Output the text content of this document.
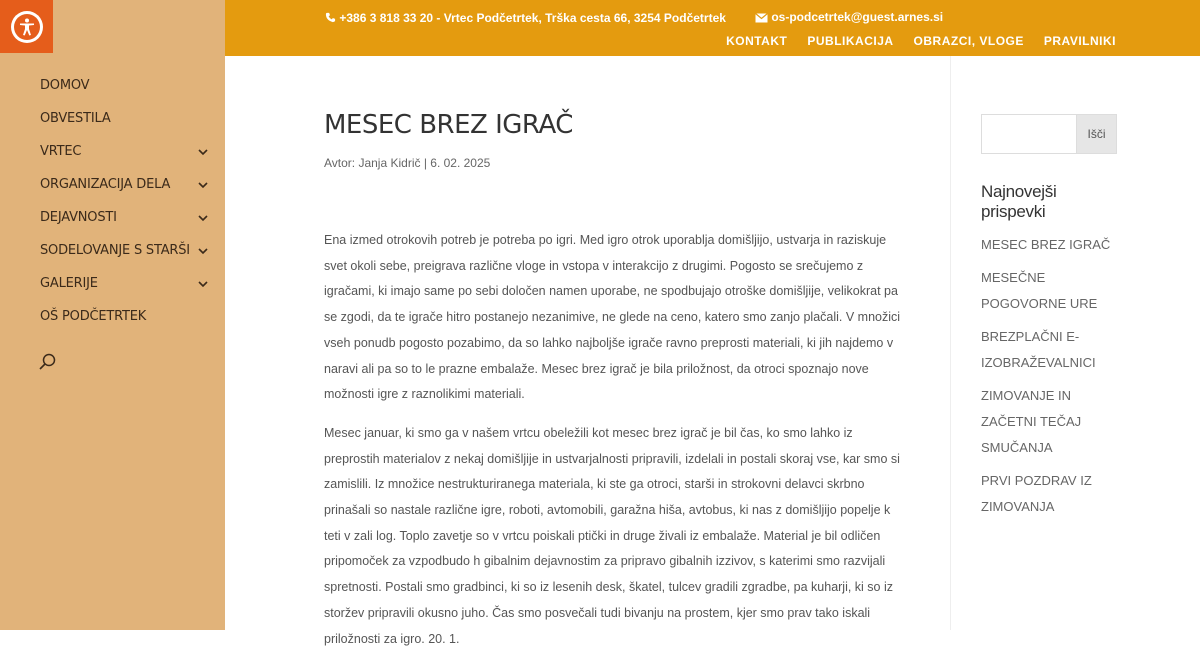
DOMOV
OBVESTILA
VRTEC
ORGANIZACIJA DELA
DEJAVNOSTI
SODELOVANJE S STARŠI
GALERIJE
OŠ PODČETRTEK
+386 3 818 33 20 - Vrtec Podčetrtek, Trška cesta 66, 3254 Podčetrtek	os-podcetrtek@guest.arnes.si
KONTAKT PUBLIKACIJA OBRAZCI, VLOGE PRAVILNIKI
MESEC BREZ IGRAČ
Avtor: Janja Kidrič | 6. 02. 2025

Ena izmed otrokovih potreb je potreba po igri. Med igro otrok uporablja domišljijo, ustvarja in raziskuje svet okoli sebe, preigrava različne vloge in vstopa v interakcijo z drugimi. Pogosto se srečujemo z igračami, ki imajo same po sebi določen namen uporabe, ne spodbujajo otroške domišljije, velikokrat pa se zgodi, da te igrače hitro postanejo nezanimive, ne glede na ceno, katero smo zanjo plačali. V množici vseh ponudb pogosto pozabimo, da so lahko najboljše igrače ravno preprosti materiali, ki jih najdemo v naravi ali pa so to le prazne embalaže. Mesec brez igrač je bila priložnost, da otroci spoznajo nove možnosti igre z raznolikimi materiali.

Mesec januar, ki smo ga v našem vrtcu obeležili kot mesec brez igrač je bil čas, ko smo lahko iz preprostih materialov z nekaj domišljije in ustvarjalnosti pripravili, izdelali in postali skoraj vse, kar smo si zamislili. Iz množice nestrukturiranega materiala, ki ste ga otroci, starši in strokovni delavci skrbno prinašali so nastale različne igre, roboti, avtomobili, garažna hiša, avtobus, ki nas z domišljijo popelje k teti v zali log. Toplo zavetje so v vrtcu poiskali ptički in druge živali iz embalaže. Material je bil odličen pripomoček za vzpodbudo h gibalnim dejavnostim za pripravo gibalnih izzivov, s katerimi smo razvijali spretnosti. Postali smo gradbinci, ki so iz lesenih desk, škatel, tulcev gradili zgradbe, pa kuharji, ki so iz storžev pripravili okusno juho. Čas smo posvečali tudi bivanju na prostem, kjer smo prav tako iskali priložnosti za igro. 20. 1.

Išči
Najnovejši prispevki
MESEC BREZ IGRAČ
MESEČNE POGOVORNE URE
BREZPLAČNI E-IZOBRAŽEVALNICI
ZIMOVANJE IN ZAČETNI TEČAJ SMUČANJA
PRVI POZDRAV IZ ZIMOVANJA
